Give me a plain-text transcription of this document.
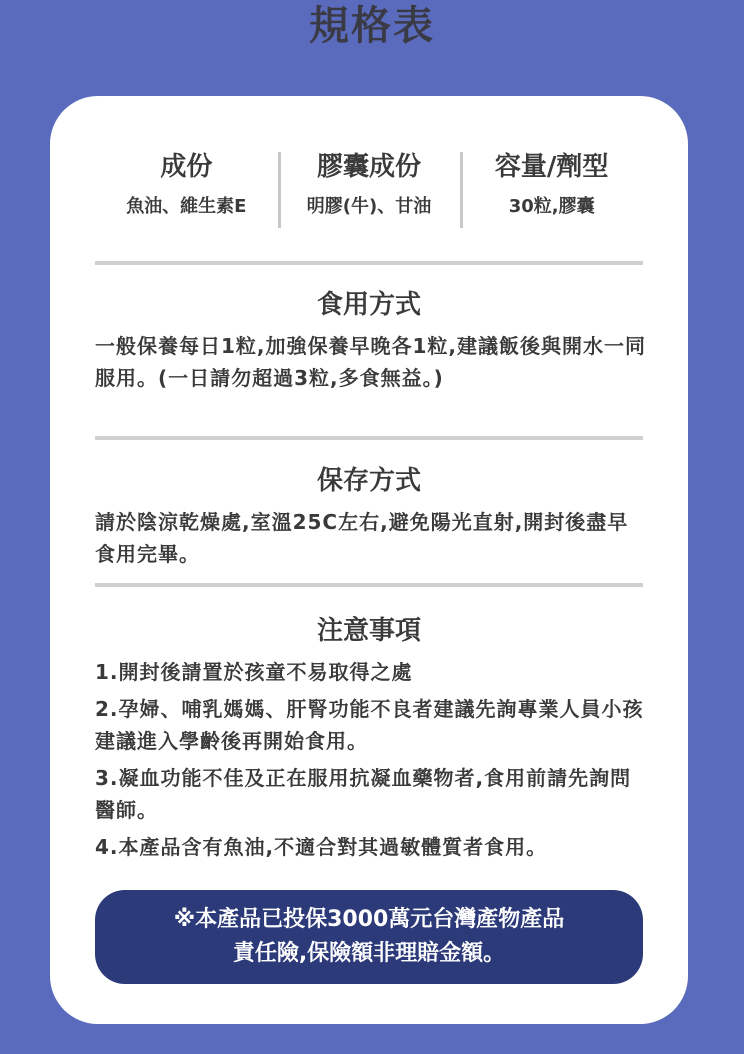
規格表
成份
魚油、維生素E
膠囊成份
明膠(牛)、甘油
容量/劑型
30粒,膠囊
食用方式
一般保養每日1粒,加強保養早晚各1粒,建議飯後與開水一同服用。(一日請勿超過3粒,多食無益。)
保存方式
請於陰涼乾燥處,室溫25C左右,避免陽光直射,開封後盡早食用完畢。
注意事項
1.開封後請置於孩童不易取得之處
2.孕婦、哺乳媽媽、肝腎功能不良者建議先詢專業人員小孩建議進入學齡後再開始食用。
3.凝血功能不佳及正在服用抗凝血藥物者,食用前請先詢問醫師。
4.本產品含有魚油,不適合對其過敏體質者食用。
※本產品已投保3000萬元台灣產物產品
責任險,保險額非理賠金額。
